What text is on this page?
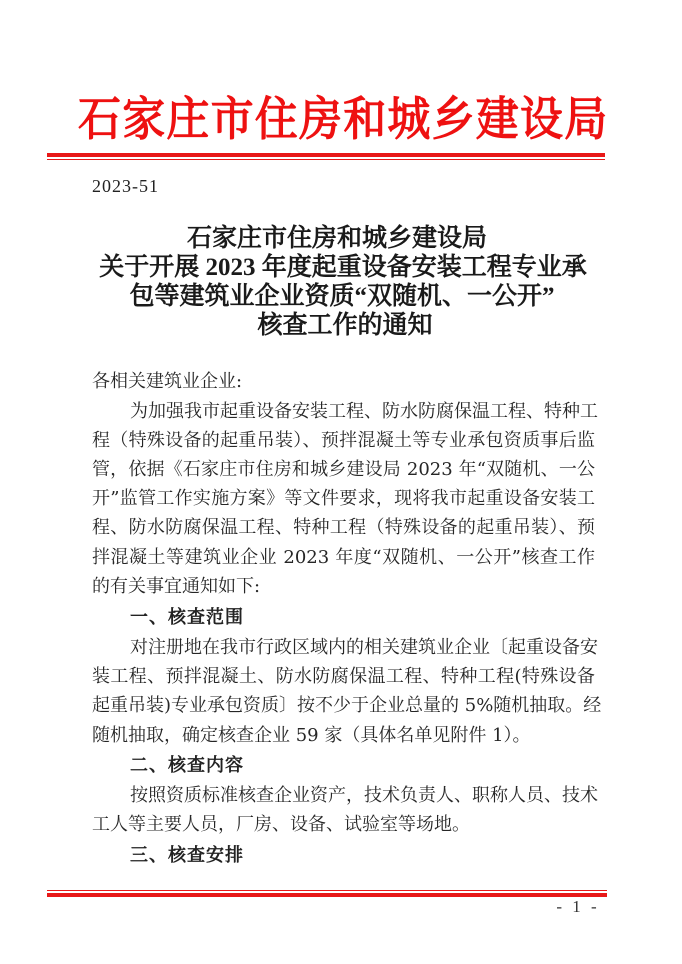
石家庄市住房和城乡建设局
2023-51
石家庄市住房和城乡建设局
关于开展 2023 年度起重设备安装工程专业承
包等建筑业企业资质“双随机、一公开”
核查工作的通知
各相关建筑业企业:
为加强我市起重设备安装工程、防水防腐保温工程、特种工
程（特殊设备的起重吊装）、预拌混凝土等专业承包资质事后监
管，依据《石家庄市住房和城乡建设局 2023 年“双随机、一公
开”监管工作实施方案》等文件要求，现将我市起重设备安装工
程、防水防腐保温工程、特种工程（特殊设备的起重吊装）、预
拌混凝土等建筑业企业 2023 年度“双随机、一公开”核查工作
的有关事宜通知如下:
一、核查范围
对注册地在我市行政区域内的相关建筑业企业〔起重设备安
装工程、预拌混凝土、防水防腐保温工程、特种工程(特殊设备
起重吊装)专业承包资质〕按不少于企业总量的 5%随机抽取。经
随机抽取，确定核查企业 59 家（具体名单见附件 1）。
二、核查内容
按照资质标准核查企业资产，技术负责人、职称人员、技术
工人等主要人员，厂房、设备、试验室等场地。
三、核查安排
- 1 -
